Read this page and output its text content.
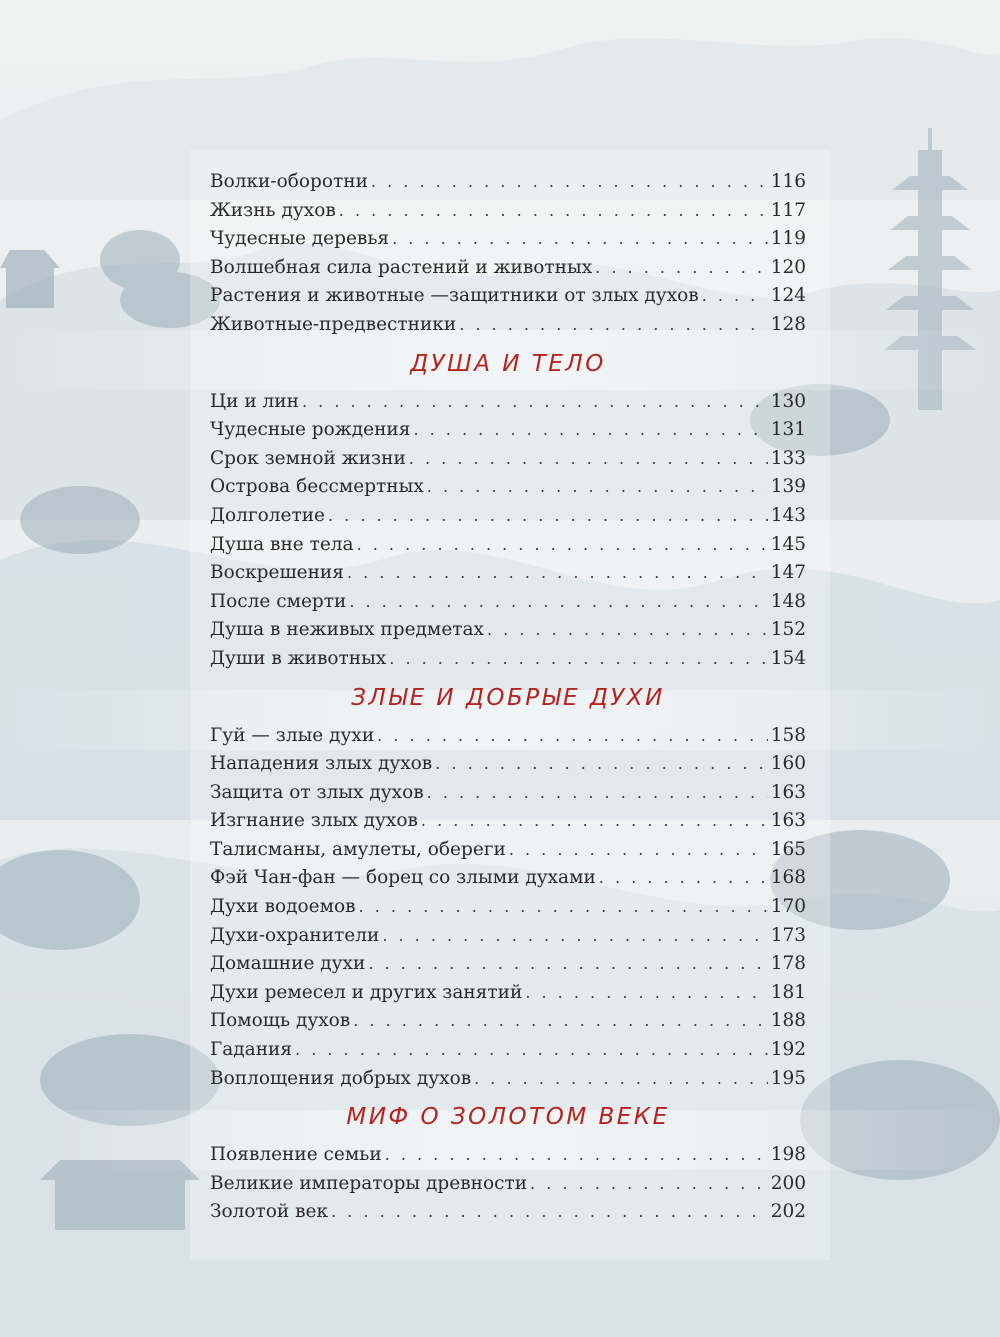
Волки-оборотни . . .	116
Жизнь духов . . .	117
Чудесные деревья . . .	119
Волшебная сила растений и животных . . .	120
Растения и животные —защитники от злых духов . . .	124
Животные-предвестники . . .	128
ДУША И ТЕЛО
Ци и лин . . .	130
Чудесные рождения . . .	131
Срок земной жизни . . .	133
Острова бессмертных . . .	139
Долголетие . . .	143
Душа вне тела . . .	145
Воскрешения . . .	147
После смерти . . .	148
Душа в неживых предметах . . .	152
Души в животных . . .	154
ЗЛЫЕ И ДОБРЫЕ ДУХИ
Гуй — злые духи . . .	158
Нападения злых духов . . .	160
Защита от злых духов . . .	163
Изгнание злых духов . . .	163
Талисманы, амулеты, обереги . . .	165
Фэй Чан-фан — борец со злыми духами . . .	168
Духи водоемов . . .	170
Духи-охранители . . .	173
Домашние духи . . .	178
Духи ремесел и других занятий . . .	181
Помощь духов . . .	188
Гадания . . .	192
Воплощения добрых духов . . .	195
МИФ О ЗОЛОТОМ ВЕКЕ
Появление семьи . . .	198
Великие императоры древности . . .	200
Золотой век . . .	202
